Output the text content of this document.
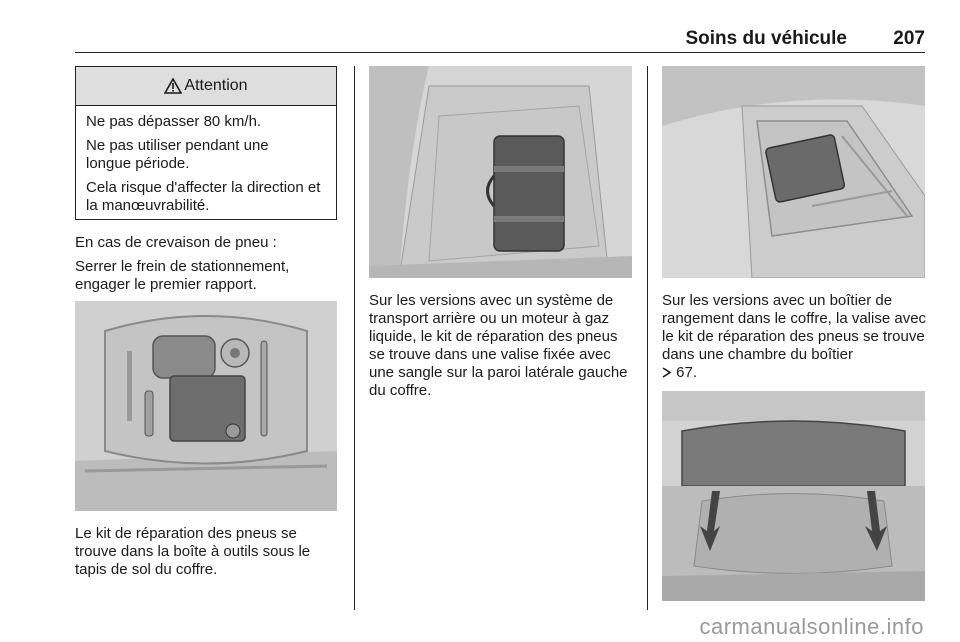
Soins du véhicule 207
Attention

Ne pas dépasser 80 km/h.

Ne pas utiliser pendant une longue période.

Cela risque d'affecter la direction et la manœuvrabilité.

En cas de crevaison de pneu :

Serrer le frein de stationnement, engager le premier rapport.

Le kit de réparation des pneus se trouve dans la boîte à outils sous le tapis de sol du coffre.

Sur les versions avec un système de transport arrière ou un moteur à gaz liquide, le kit de réparation des pneus se trouve dans une valise fixée avec une sangle sur la paroi latérale gauche du coffre.

Sur les versions avec un boîtier de rangement dans le coffre, la valise avec le kit de réparation des pneus se trouve dans une chambre du boîtier
67.

carmanualsonline.info
